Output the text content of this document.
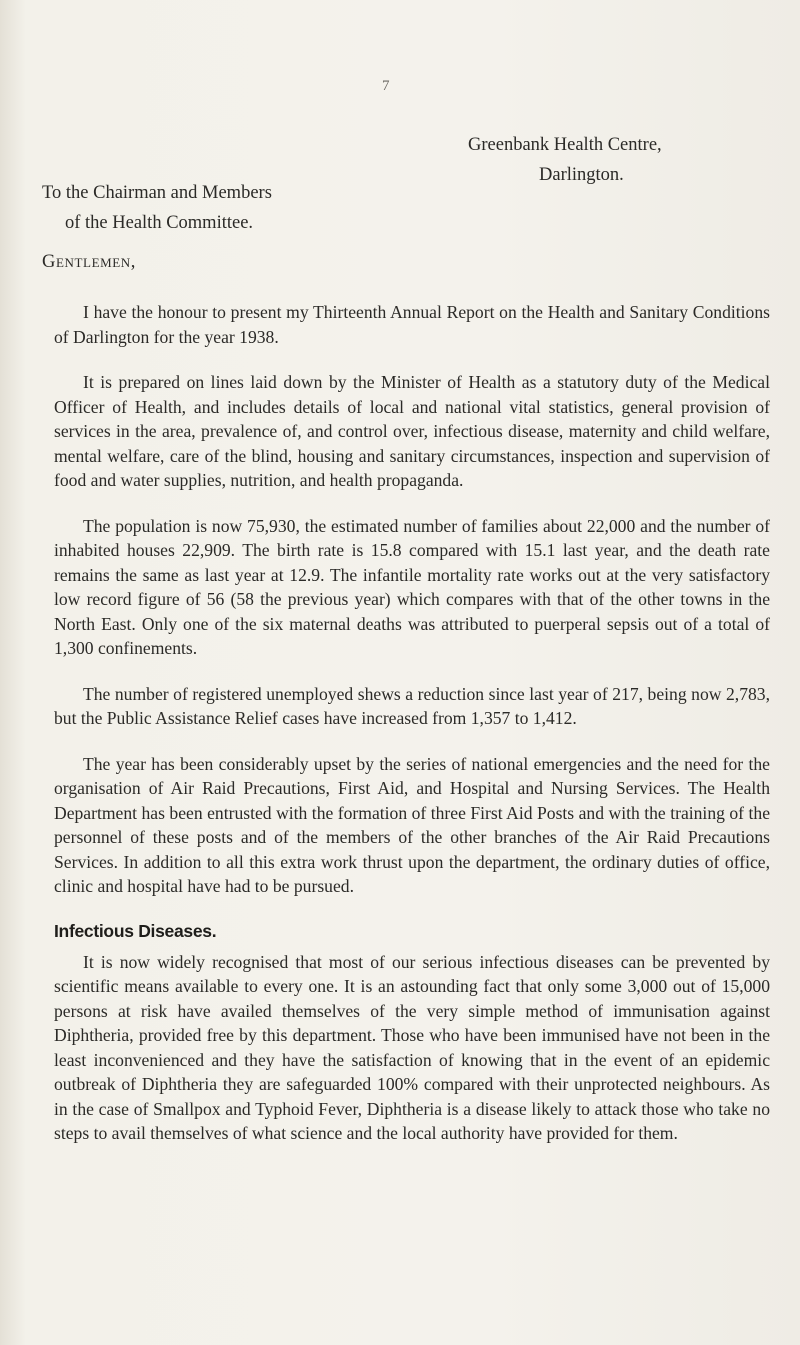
7
Greenbank Health Centre,
Darlington.
To the Chairman and Members
of the Health Committee.
Gentlemen,

I have the honour to present my Thirteenth Annual Report on the Health and Sanitary Conditions of Darlington for the year 1938.

It is prepared on lines laid down by the Minister of Health as a statutory duty of the Medical Officer of Health, and includes details of local and national vital statistics, general provision of services in the area, prevalence of, and control over, infectious disease, maternity and child welfare, mental welfare, care of the blind, housing and sanitary circumstances, inspection and supervision of food and water supplies, nutrition, and health propaganda.

The population is now 75,930, the estimated number of families about 22,000 and the number of inhabited houses 22,909. The birth rate is 15.8 compared with 15.1 last year, and the death rate remains the same as last year at 12.9. The infantile mortality rate works out at the very satisfactory low record figure of 56 (58 the previous year) which compares with that of the other towns in the North East. Only one of the six maternal deaths was attributed to puerperal sepsis out of a total of 1,300 confinements.

The number of registered unemployed shews a reduction since last year of 217, being now 2,783, but the Public Assistance Relief cases have increased from 1,357 to 1,412.

The year has been considerably upset by the series of national emergencies and the need for the organisation of Air Raid Precautions, First Aid, and Hospital and Nursing Services. The Health Department has been entrusted with the formation of three First Aid Posts and with the training of the personnel of these posts and of the members of the other branches of the Air Raid Precautions Services. In addition to all this extra work thrust upon the department, the ordinary duties of office, clinic and hospital have had to be pursued.

Infectious Diseases.

It is now widely recognised that most of our serious infectious diseases can be prevented by scientific means available to every one. It is an astounding fact that only some 3,000 out of 15,000 persons at risk have availed themselves of the very simple method of immunisation against Diphtheria, provided free by this department. Those who have been immunised have not been in the least inconvenienced and they have the satisfaction of knowing that in the event of an epidemic outbreak of Diphtheria they are safeguarded 100% compared with their unprotected neighbours. As in the case of Smallpox and Typhoid Fever, Diphtheria is a disease likely to attack those who take no steps to avail themselves of what science and the local authority have provided for them.
